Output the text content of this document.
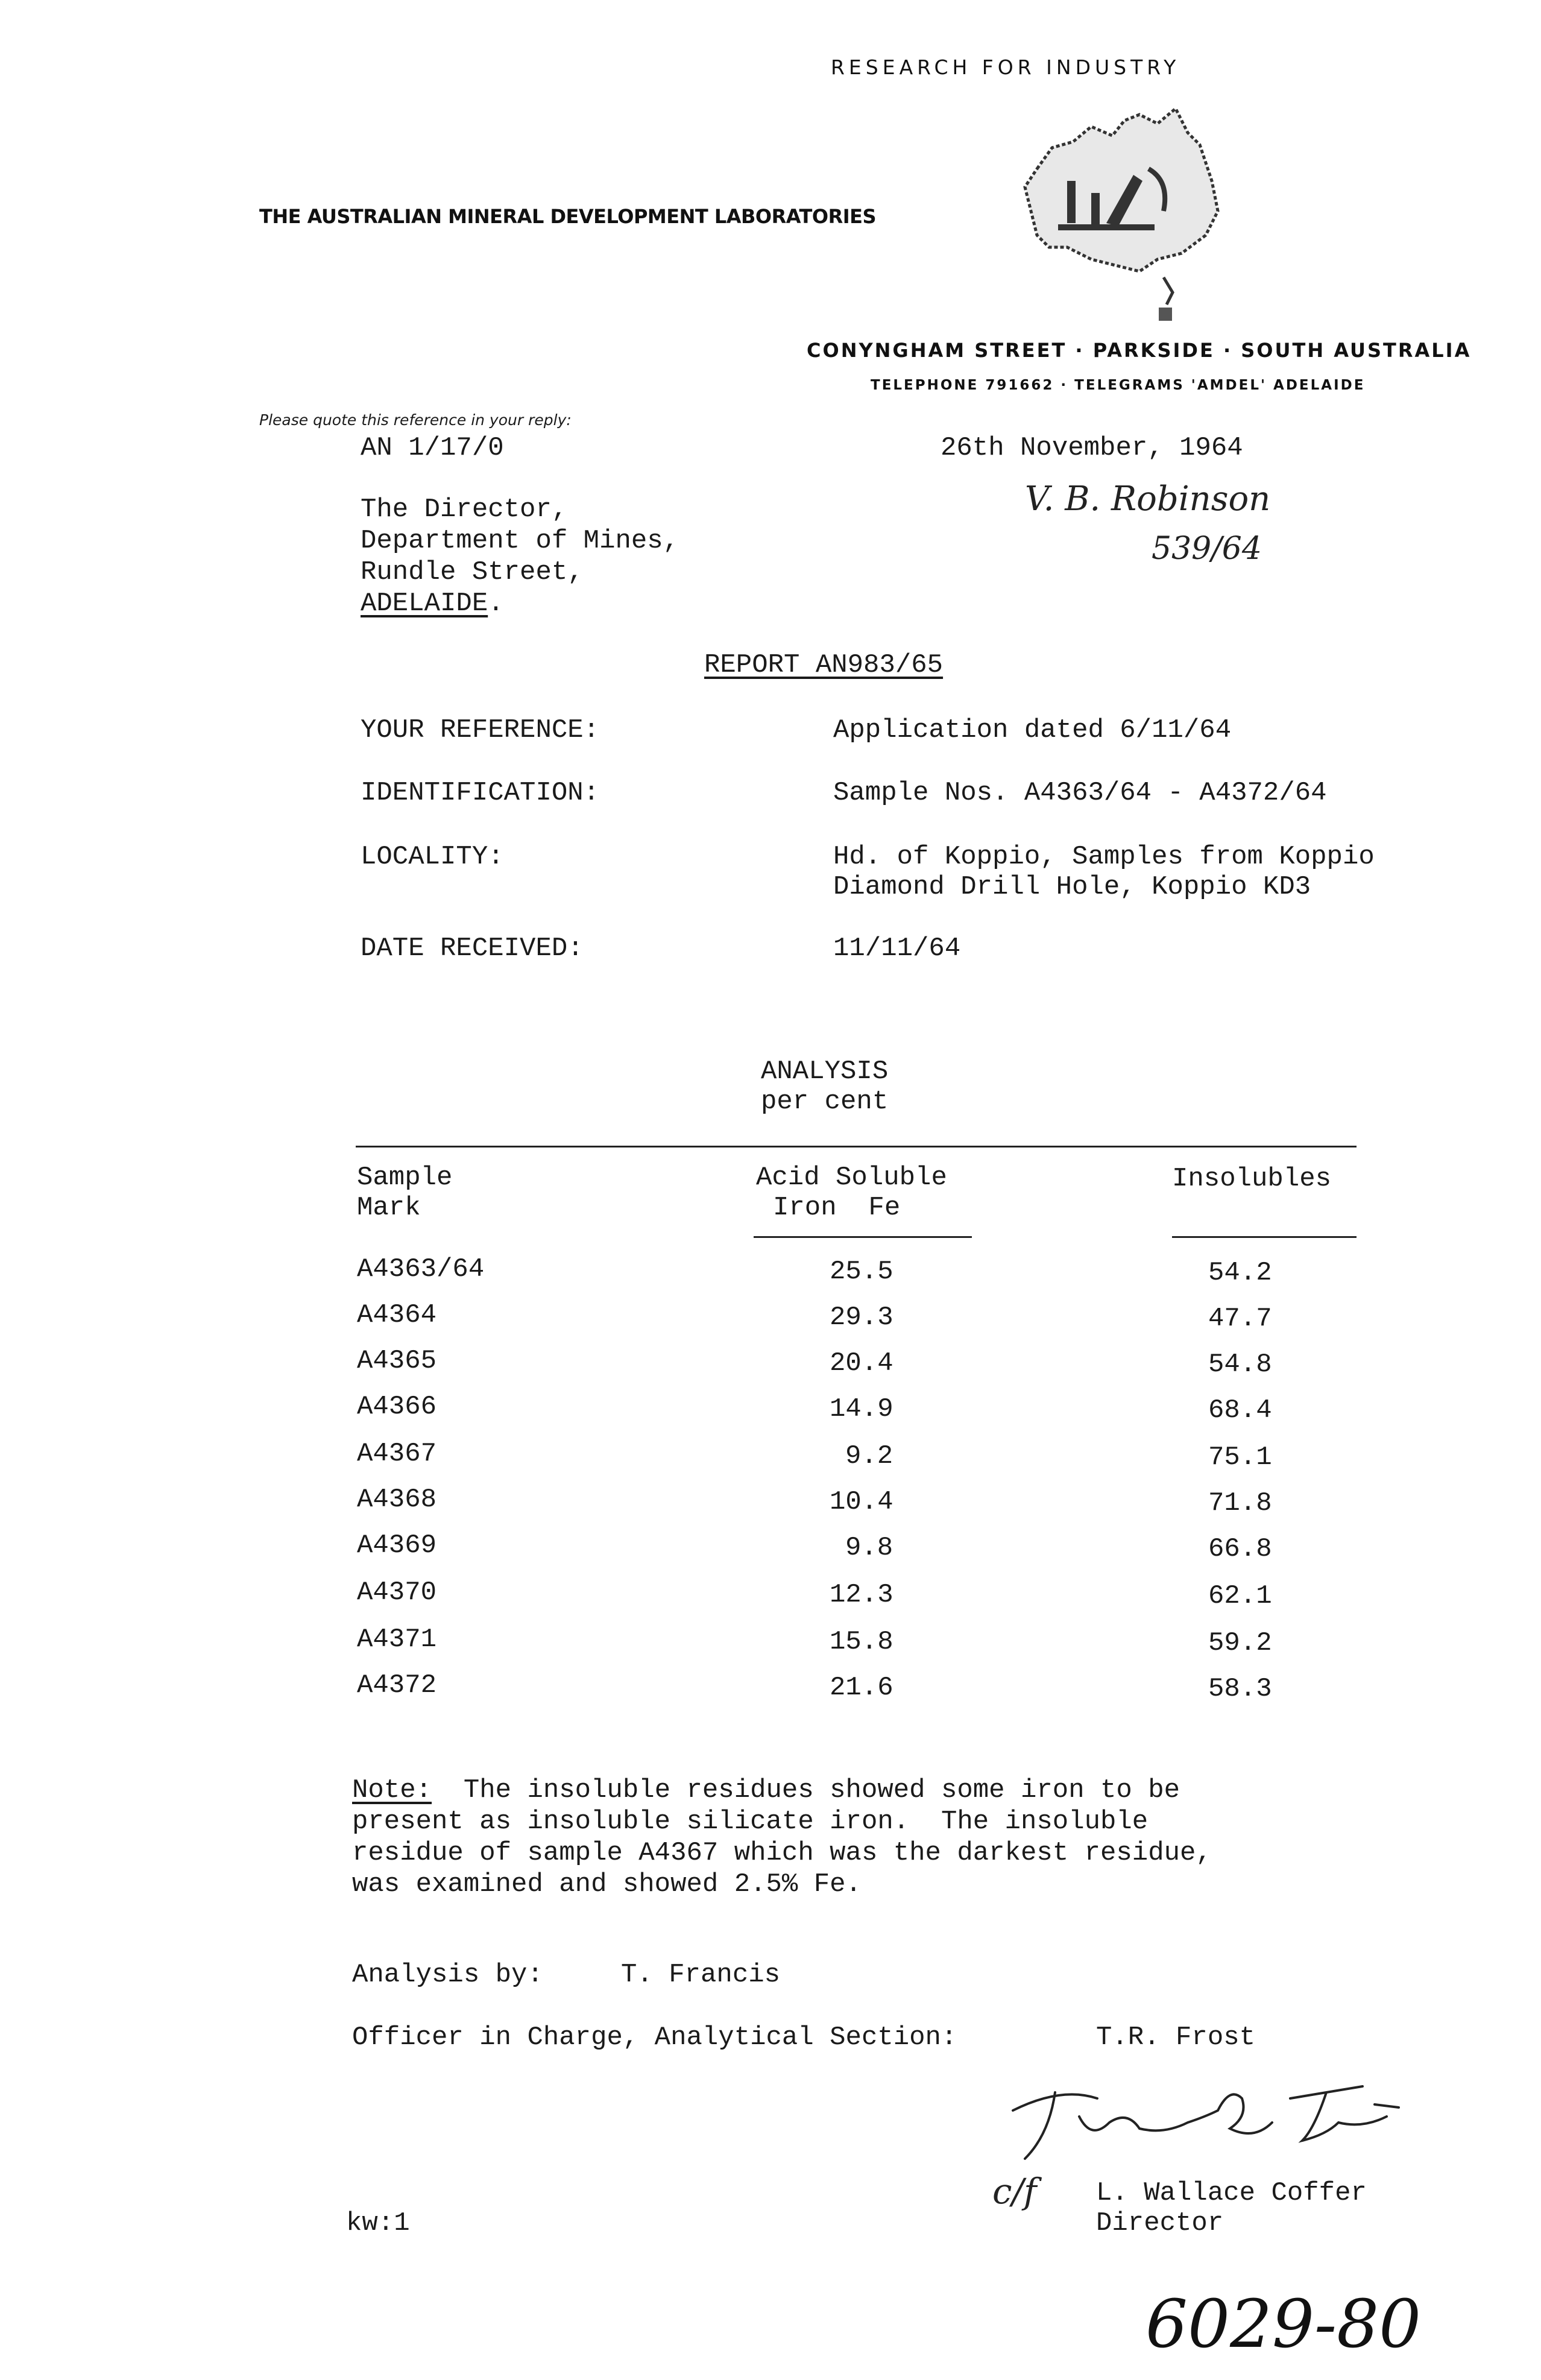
RESEARCH FOR INDUSTRY
THE AUSTRALIAN MINERAL DEVELOPMENT LABORATORIES
CONYNGHAM STREET · PARKSIDE · SOUTH AUSTRALIA
TELEPHONE 791662 · TELEGRAMS 'AMDEL' ADELAIDE
Please quote this reference in your reply:
AN 1/17/0	26th November, 1964
V. B. Robinson
539/64
The Director,
Department of Mines,
Rundle Street,
ADELAIDE.
REPORT AN983/65
YOUR REFERENCE:	Application dated 6/11/64
IDENTIFICATION:	Sample Nos. A4363/64 - A4372/64
LOCALITY:	Hd. of Koppio, Samples from Koppio
Diamond Drill Hole, Koppio KD3
DATE RECEIVED:	11/11/64
ANALYSIS
per cent
Sample
Mark
Acid Soluble
Iron  Fe
Insolubles
A4363/64	25.5	54.2
A4364	29.3	47.7
A4365	20.4	54.8
A4366	14.9	68.4
A4367	9.2	75.1
A4368	10.4	71.8
A4369	9.8	66.8
A4370	12.3	62.1
A4371	15.8	59.2
A4372	21.6	58.3
Note:  The insoluble residues showed some iron to be
present as insoluble silicate iron.  The insoluble
residue of sample A4367 which was the darkest residue,
was examined and showed 2.5% Fe.
Analysis by:	T. Francis
Officer in Charge, Analytical Section:	T.R. Frost
c/f L. Wallace Coffer
Director
kw:1
6029-80
